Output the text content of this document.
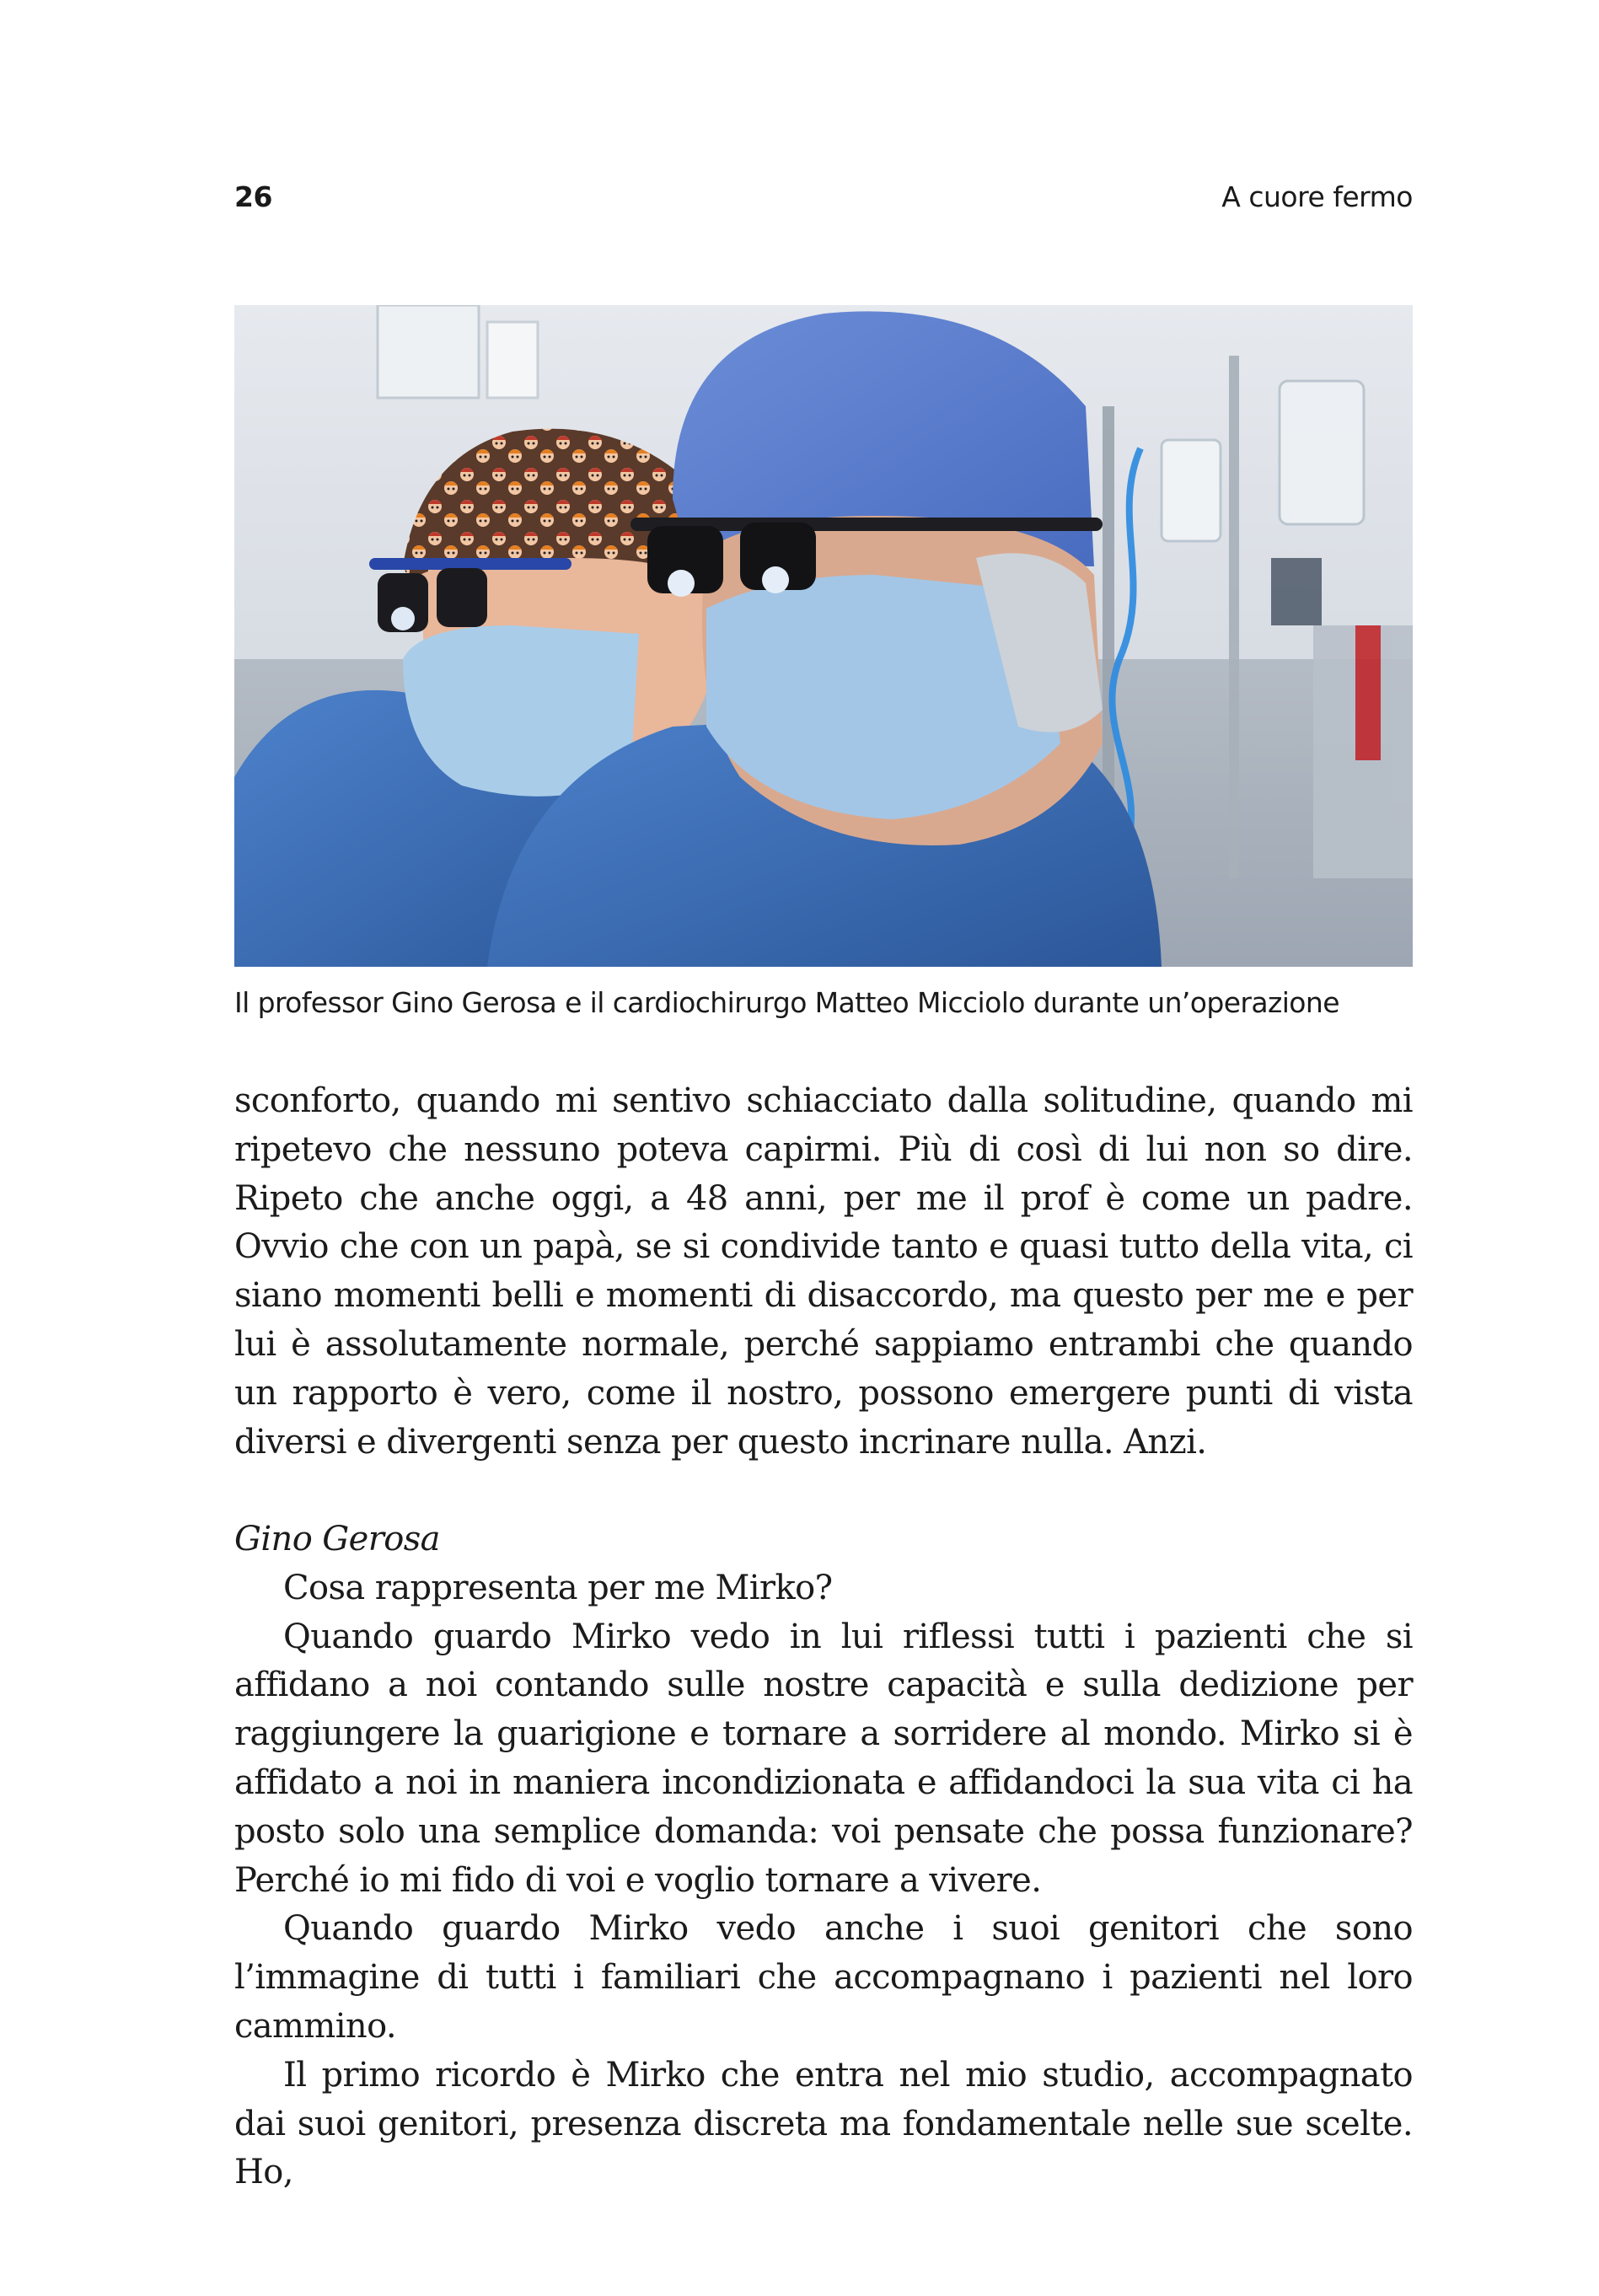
26	A cuore fermo
Il professor Gino Gerosa e il cardiochirurgo Matteo Micciolo durante un’operazione

sconforto, quando mi sentivo schiacciato dalla solitudine, quando mi ripetevo che nessuno poteva capirmi. Più di così di lui non so dire. Ripeto che anche oggi, a 48 anni, per me il prof è come un padre. Ovvio che con un papà, se si condivide tanto e quasi tutto della vita, ci siano momenti belli e momenti di disaccordo, ma questo per me e per lui è assolutamente normale, perché sappiamo entrambi che quando un rapporto è vero, come il nostro, possono emergere punti di vista diversi e divergenti senza per questo incrinare nulla. Anzi.

Gino Gerosa

Cosa rappresenta per me Mirko?

Quando guardo Mirko vedo in lui riflessi tutti i pazienti che si affidano a noi contando sulle nostre capacità e sulla dedizione per raggiungere la guarigione e tornare a sorridere al mondo. Mirko si è affidato a noi in maniera incondizionata e affidandoci la sua vita ci ha posto solo una semplice domanda: voi pensate che possa funzionare? Perché io mi fido di voi e voglio tornare a vivere.

Quando guardo Mirko vedo anche i suoi genitori che sono l’immagine di tutti i familiari che accompagnano i pazienti nel loro cammino.

Il primo ricordo è Mirko che entra nel mio studio, accompagnato dai suoi genitori, presenza discreta ma fondamentale nelle sue scelte. Ho,
